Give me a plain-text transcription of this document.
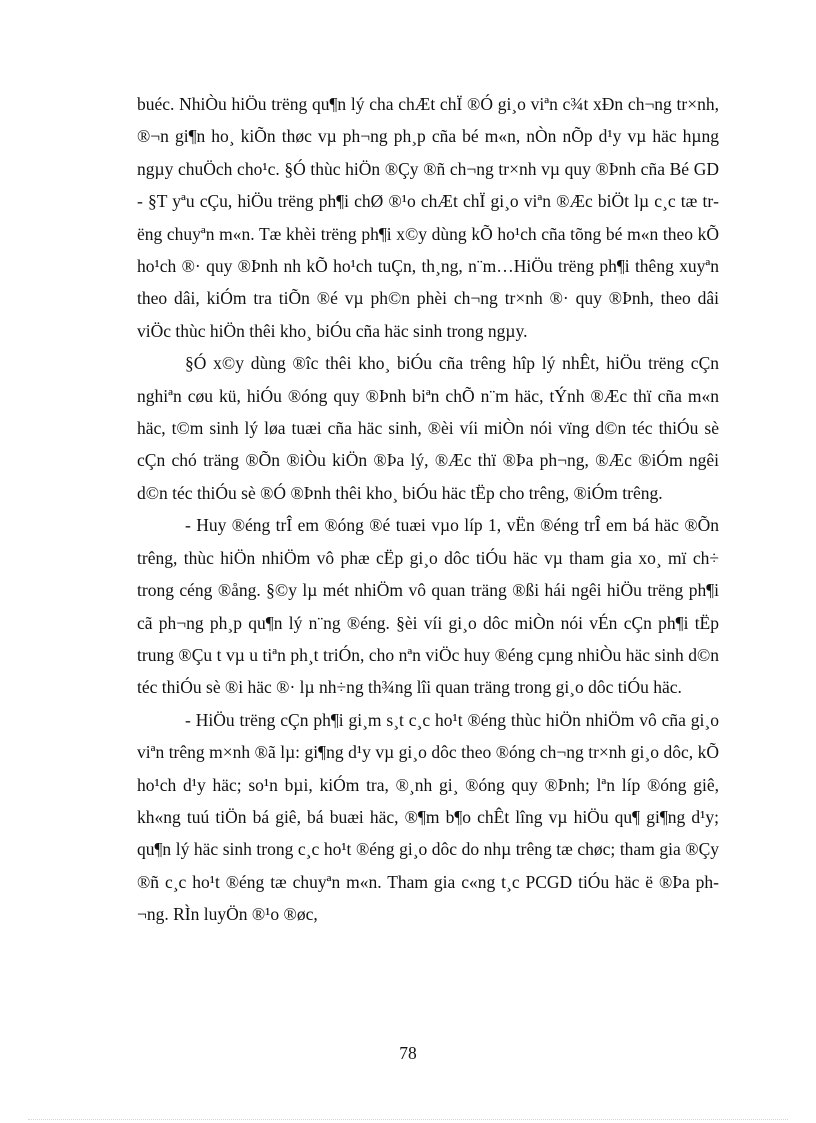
buéc. NhiÒu hiÖu trëng qu¶n lý cha chÆt chÏ ®Ó gi¸o viªn c¾t xÐn ch¬ng tr×nh, ®¬n gi¶n ho¸ kiÕn thøc vµ ph¬ng ph¸p cña bé m«n, nÒn nÕp d¹y vµ häc hµng ngµy chuÖch cho¹c. §Ó thùc hiÖn ®Çy ®ñ ch¬ng tr×nh vµ quy ®Þnh cña Bé GD - §T yªu cÇu, hiÖu trëng ph¶i chØ ®¹o chÆt chÏ gi¸o viªn ®Æc biÖt lµ c¸c tæ trëng chuyªn m«n. Tæ khèi trëng ph¶i x©y dùng kÕ ho¹ch cña tõng bé m«n theo kÕ ho¹ch ®· quy ®Þnh nh kÕ ho¹ch tuÇn, th¸ng, n¨m…HiÖu trëng ph¶i thêng xuyªn theo dâi, kiÓm tra tiÕn ®é vµ ph©n phèi ch¬ng tr×nh ®· quy ®Þnh, theo dâi viÖc thùc hiÖn thêi kho¸ biÓu cña häc sinh trong ngµy.

§Ó x©y dùng ®îc thêi kho¸ biÓu cña trêng hîp lý nhÊt, hiÖu trëng cÇn nghiªn cøu kü, hiÓu ®óng quy ®Þnh biªn chÕ n¨m häc, tÝnh ®Æc thï cña m«n häc, t©m sinh lý løa tuæi cña häc sinh, ®èi víi miÒn nói vïng d©n téc thiÓu sè cÇn chó träng ®Õn ®iÒu kiÖn ®Þa lý, ®Æc thï ®Þa ph¬ng, ®Æc ®iÓm ngêi d©n téc thiÓu sè ®Ó ®Þnh thêi kho¸ biÓu häc tËp cho trêng, ®iÓm trêng.

- Huy ®éng trÎ em ®óng ®é tuæi vµo líp 1, vËn ®éng trÎ em bá häc ®Õn trêng, thùc hiÖn nhiÖm vô phæ cËp gi¸o dôc tiÓu häc vµ tham gia xo¸ mï ch÷ trong céng ®ång. §©y lµ mét nhiÖm vô quan träng ®ßi hái ngêi hiÖu trëng ph¶i cã ph¬ng ph¸p qu¶n lý n¨ng ®éng. §èi víi gi¸o dôc miÒn nói vÉn cÇn ph¶i tËp trung ®Çu t vµ u tiªn ph¸t triÓn, cho nªn viÖc huy ®éng cµng nhiÒu häc sinh d©n téc thiÓu sè ®i häc ®· lµ nh÷ng th¾ng lîi quan träng trong gi¸o dôc tiÓu häc.

- HiÖu trëng cÇn ph¶i gi¸m s¸t c¸c ho¹t ®éng thùc hiÖn nhiÖm vô cña gi¸o viªn trêng m×nh ®ã lµ: gi¶ng d¹y vµ gi¸o dôc theo ®óng ch¬ng tr×nh gi¸o dôc, kÕ ho¹ch d¹y häc; so¹n bµi, kiÓm tra, ®¸nh gi¸ ®óng quy ®Þnh; lªn líp ®óng giê, kh«ng tuú tiÖn bá giê, bá buæi häc, ®¶m b¶o chÊt lîng vµ hiÖu qu¶ gi¶ng d¹y; qu¶n lý häc sinh trong c¸c ho¹t ®éng gi¸o dôc do nhµ trêng tæ chøc; tham gia ®Çy ®ñ c¸c ho¹t ®éng tæ chuyªn m«n. Tham gia c«ng t¸c PCGD tiÓu häc ë ®Þa ph¬ng. RÌn luyÖn ®¹o ®øc,

78
